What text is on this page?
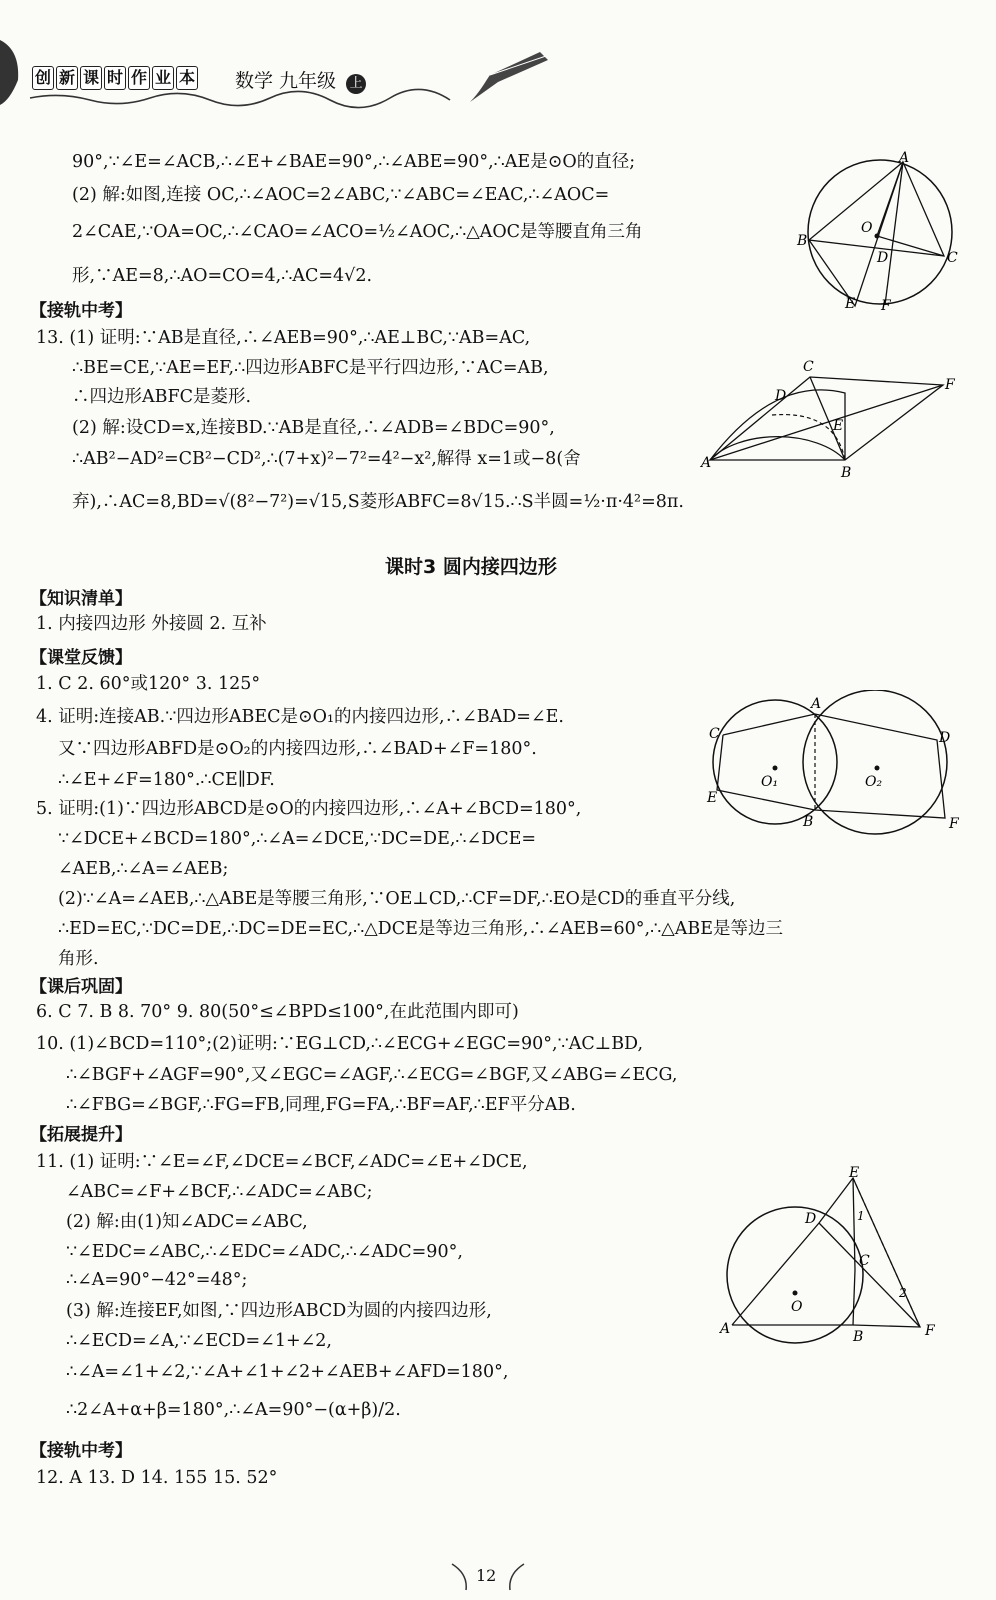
创 新 课 时 作 业 本 数学 九年级 上
90°,∵∠E=∠ACB,∴∠E+∠BAE=90°,∴∠ABE=90°,∴AE是⊙O的直径;
(2) 解:如图,连接 OC,∴∠AOC=2∠ABC,∵∠ABC=∠EAC,∴∠AOC=
2∠CAE,∵OA=OC,∴∠CAO=∠ACO=½∠AOC,∴△AOC是等腰直角三角
形,∵AE=8,∴AO=CO=4,∴AC=4√2.
【接轨中考】
13. (1) 证明:∵AB是直径,∴∠AEB=90°,∴AE⊥BC,∵AB=AC,
∴BE=CE,∵AE=EF,∴四边形ABFC是平行四边形,∵AC=AB,
∴四边形ABFC是菱形.
(2) 解:设CD=x,连接BD.∵AB是直径,∴∠ADB=∠BDC=90°,
∴AB²−AD²=CB²−CD²,∴(7+x)²−7²=4²−x²,解得 x=1或−8(舍
弃),∴AC=8,BD=√(8²−7²)=√15,S菱形ABFC=8√15.∴S半圆=½·π·4²=8π.
课时3 圆内接四边形
【知识清单】
1. 内接四边形 外接圆 2. 互补
【课堂反馈】
1. C 2. 60°或120° 3. 125°
4. 证明:连接AB.∵四边形ABEC是⊙O₁的内接四边形,∴∠BAD=∠E.
又∵四边形ABFD是⊙O₂的内接四边形,∴∠BAD+∠F=180°.
∴∠E+∠F=180°.∴CE∥DF.
5. 证明:(1)∵四边形ABCD是⊙O的内接四边形,∴∠A+∠BCD=180°,
∵∠DCE+∠BCD=180°,∴∠A=∠DCE,∵DC=DE,∴∠DCE=
∠AEB,∴∠A=∠AEB;
(2)∵∠A=∠AEB,∴△ABE是等腰三角形,∵OE⊥CD,∴CF=DF,∴EO是CD的垂直平分线,
∴ED=EC,∵DC=DE,∴DC=DE=EC,∴△DCE是等边三角形,∴∠AEB=60°,∴△ABE是等边三
角形.
【课后巩固】
6. C 7. B 8. 70° 9. 80(50°≤∠BPD≤100°,在此范围内即可)
10. (1)∠BCD=110°;(2)证明:∵EG⊥CD,∴∠ECG+∠EGC=90°,∵AC⊥BD,
∴∠BGF+∠AGF=90°,又∠EGC=∠AGF,∴∠ECG=∠BGF,又∠ABG=∠ECG,
∴∠FBG=∠BGF,∴FG=FB,同理,FG=FA,∴BF=AF,∴EF平分AB.
【拓展提升】
11. (1) 证明:∵∠E=∠F,∠DCE=∠BCF,∠ADC=∠E+∠DCE,
∠ABC=∠F+∠BCF,∴∠ADC=∠ABC;
(2) 解:由(1)知∠ADC=∠ABC,
∵∠EDC=∠ABC,∴∠EDC=∠ADC,∴∠ADC=90°,
∴∠A=90°−42°=48°;
(3) 解:连接EF,如图,∵四边形ABCD为圆的内接四边形,
∴∠ECD=∠A,∵∠ECD=∠1+∠2,
∴∠A=∠1+∠2,∵∠A+∠1+∠2+∠AEB+∠AFD=180°,
∴2∠A+α+β=180°,∴∠A=90°−(α+β)/2.
【接轨中考】
12. A 13. D 14. 155 15. 52°
A
B
C
D
E F
O
A
B
C
D
E
F
A
B
C	D
E
F
O₁	O₂
A	B
C
D
E
F
O
1
2
12
